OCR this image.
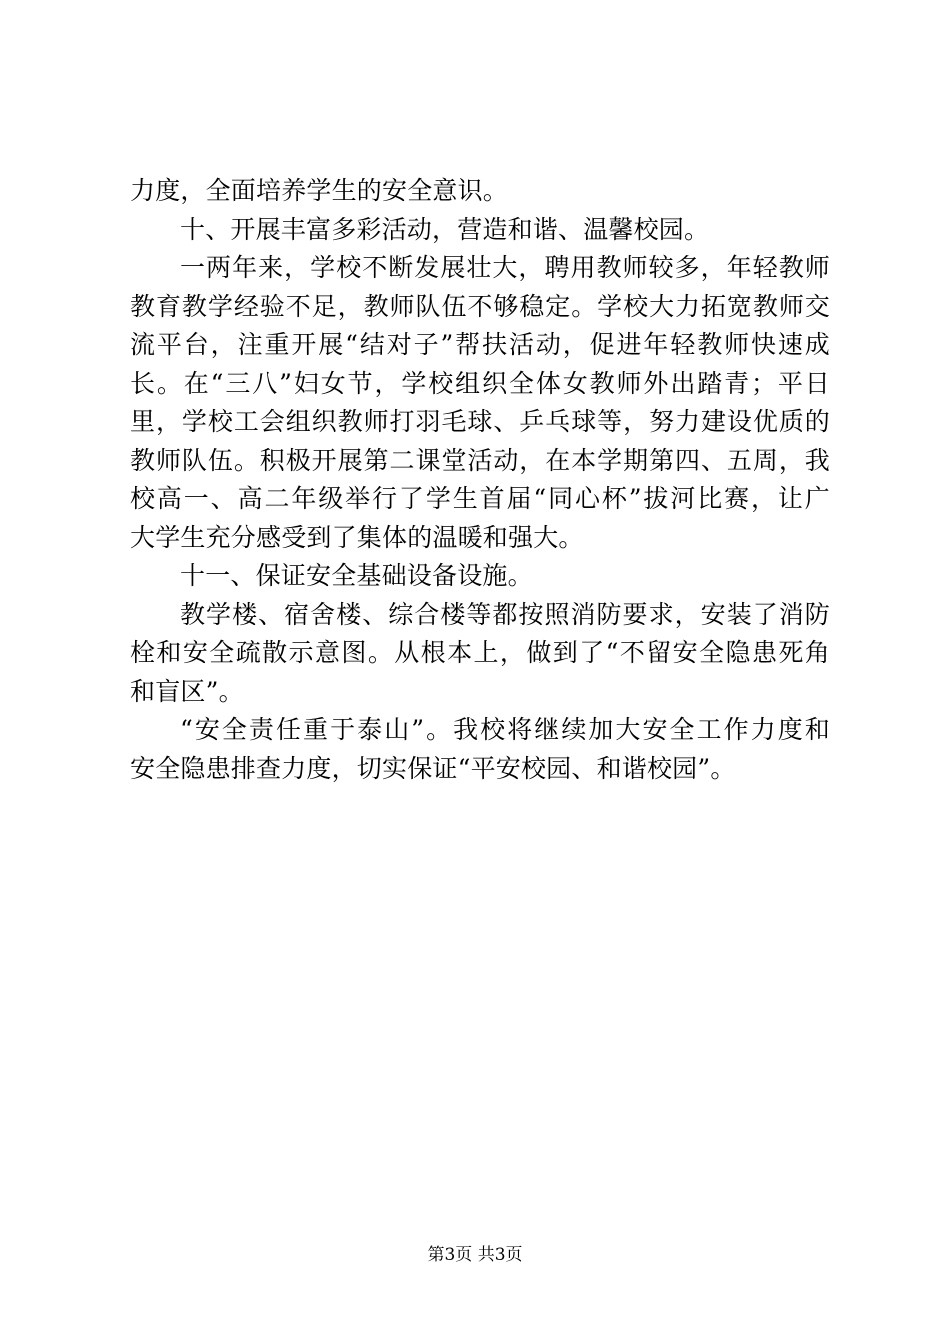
力度，全面培养学生的安全意识。
十、开展丰富多彩活动，营造和谐、温馨校园。
一两年来，学校不断发展壮大，聘用教师较多，年轻教师
教育教学经验不足，教师队伍不够稳定。学校大力拓宽教师交
流平台，注重开展“结对子”帮扶活动，促进年轻教师快速成
长。在“三八”妇女节，学校组织全体女教师外出踏青；平日
里，学校工会组织教师打羽毛球、乒乓球等，努力建设优质的
教师队伍。积极开展第二课堂活动，在本学期第四、五周，我
校高一、高二年级举行了学生首届“同心杯”拔河比赛，让广
大学生充分感受到了集体的温暖和强大。
十一、保证安全基础设备设施。
教学楼、宿舍楼、综合楼等都按照消防要求，安装了消防
栓和安全疏散示意图。从根本上，做到了“不留安全隐患死角
和盲区”。
“安全责任重于泰山”。我校将继续加大安全工作力度和
安全隐患排查力度，切实保证“平安校园、和谐校园”。
第3页 共3页
